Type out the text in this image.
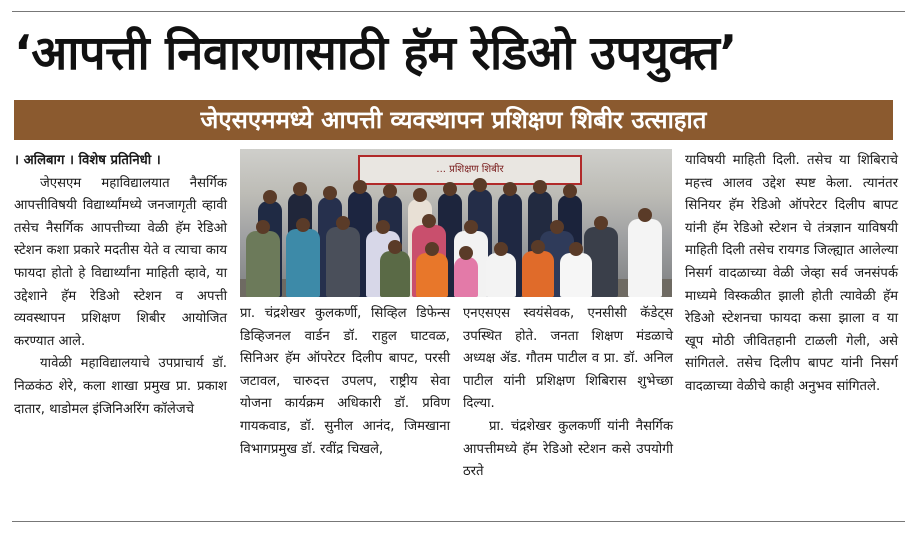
‘आपत्ती निवारणासाठी हॅम रेडिओ उपयुक्त’
जेएसएममध्ये आपत्ती व्यवस्थापन प्रशिक्षण शिबीर उत्साहात

। अलिबाग । विशेष प्रतिनिधी ।

जेएसएम महाविद्यालयात नैसर्गिक आपत्तीविषयी विद्यार्थ्यांमध्ये जनजागृती व्हावी तसेच नैसर्गिक आपत्तीच्या वेळी हॅम रेडिओ स्टेशन कशा प्रकारे मदतीस येते व त्याचा काय फायदा होतो हे विद्यार्थ्यांना माहिती व्हावे, या उद्देशाने हॅम रेडिओ स्टेशन व अपत्ती व्यवस्थापन प्रशिक्षण शिबीर आयोजित करण्यात आले.

यावेळी महाविद्यालयाचे उपप्राचार्य डॉ. निळकंठ शेरे, कला शाखा प्रमुख प्रा. प्रकाश दातार, थाडोमल इंजिनिअरिंग कॉलेजचे

... प्रशिक्षण शिबीर

प्रा. चंद्रशेखर कुलकर्णी, सिव्हिल डिफेन्स डिव्हिजनल वार्डन डॉ. राहुल घाटवळ, सिनिअर हॅम ऑपरेटर दिलीप बापट, परसी जटावल, चारुदत्त उपलप, राष्ट्रीय सेवा योजना कार्यक्रम अधिकारी डॉ. प्रविण गायकवाड, डॉ. सुनील आनंद, जिमखाना विभागप्रमुख डॉ. रवींद्र चिखले,

एनएसएस स्वयंसेवक, एनसीसी कॅडेट्स उपस्थित होते. जनता शिक्षण मंडळाचे अध्यक्ष ॲड. गौतम पाटील व प्रा. डॉ. अनिल पाटील यांनी प्रशिक्षण शिबिरास शुभेच्छा दिल्या.

प्रा. चंद्रशेखर कुलकर्णी यांनी नैसर्गिक आपत्तीमध्ये हॅम रेडिओ स्टेशन कसे उपयोगी ठरते

याविषयी माहिती दिली. तसेच या शिबिराचे महत्त्व आलव उद्देश स्पष्ट केला. त्यानंतर सिनियर हॅम रेडिओ ऑपरेटर दिलीप बापट यांनी हॅम रेडिओ स्टेशन चे तंत्रज्ञान याविषयी माहिती दिली तसेच रायगड जिल्ह्यात आलेल्या निसर्ग वादळाच्या वेळी जेव्हा सर्व जनसंपर्क माध्यमे विस्कळीत झाली होती त्यावेळी हॅम रेडिओ स्टेशनचा फायदा कसा झाला व या खूप मोठी जीवितहानी टाळली गेली, असे सांगितले. तसेच दिलीप बापट यांनी निसर्ग वादळाच्या वेळीचे काही अनुभव सांगितले.
